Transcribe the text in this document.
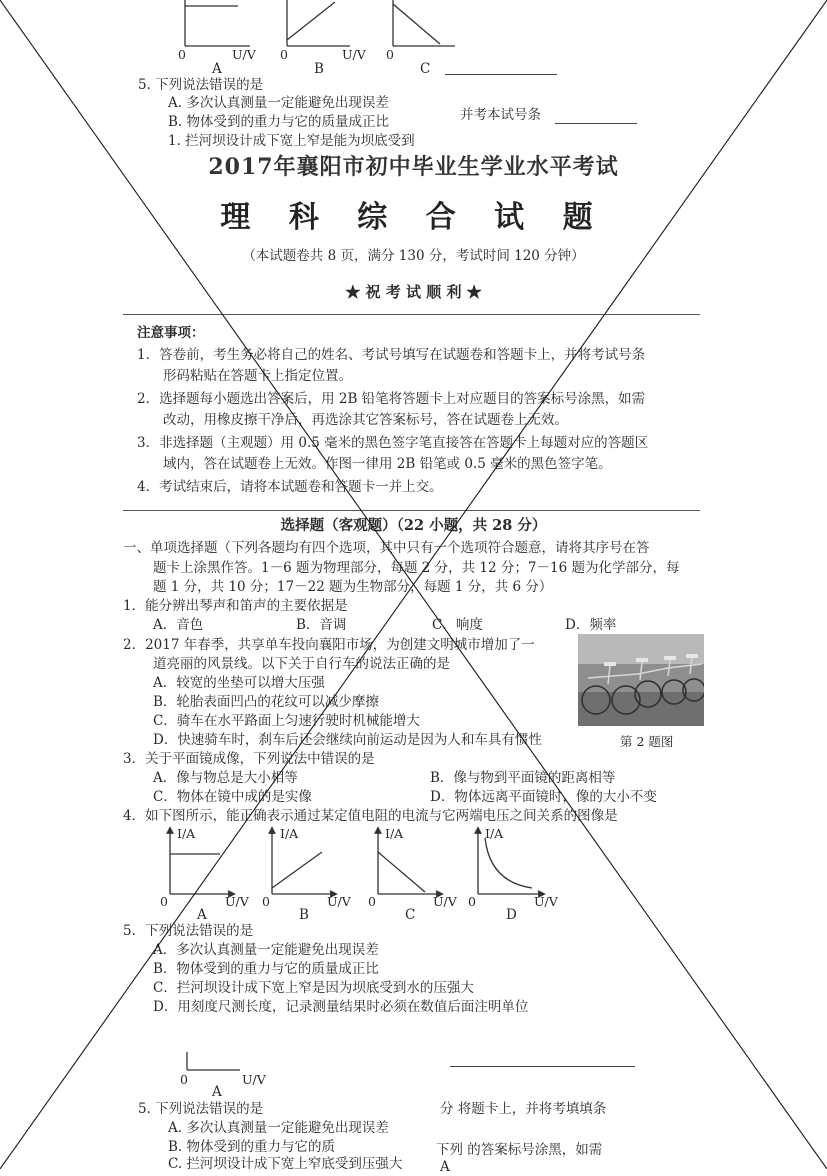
0	U/V 0	U/V 0
A	B	C
5. 下列说法错误的是
A. 多次认真测量一定能避免出现误差
B. 物体受到的重力与它的质量成正比
1. 拦河坝设计成下宽上窄是能为坝底受到
并考本试号条
2017年襄阳市初中毕业生学业水平考试
理 科 综 合 试 题
（本试题卷共 8 页，满分 130 分，考试时间 120 分钟）
★ 祝 考 试 顺 利 ★
注意事项：
1．答卷前，考生务必将自己的姓名、考试号填写在试题卷和答题卡上，并将考试号条
形码粘贴在答题卡上指定位置。
2．选择题每小题选出答案后，用 2B 铅笔将答题卡上对应题目的答案标号涂黑，如需
改动，用橡皮擦干净后，再选涂其它答案标号，答在试题卷上无效。
3．非选择题（主观题）用 0.5 毫米的黑色签字笔直接答在答题卡上每题对应的答题区
域内，答在试题卷上无效。作图一律用 2B 铅笔或 0.5 毫米的黑色签字笔。
4．考试结束后，请将本试题卷和答题卡一并上交。
选择题（客观题）（22 小题，共 28 分）
一、单项选择题（下列各题均有四个选项，其中只有一个选项符合题意，请将其序号在答
题卡上涂黑作答。1－6 题为物理部分，每题 2 分，共 12 分；7－16 题为化学部分，每
题 1 分，共 10 分；17－22 题为生物部分，每题 1 分，共 6 分）
1．能分辨出琴声和笛声的主要依据是
A．音色	B．音调	C．响度	D．频率
2．2017 年春季，共享单车投向襄阳市场，为创建文明城市增加了一
道亮丽的风景线。以下关于自行车的说法正确的是
A．较宽的坐垫可以增大压强
B．轮胎表面凹凸的花纹可以减少摩擦
C．骑车在水平路面上匀速行驶时机械能增大
D．快速骑车时，刹车后还会继续向前运动是因为人和车具有惯性	第 2 题图
3．关于平面镜成像，下列说法中错误的是
A．像与物总是大小相等	B．像与物到平面镜的距离相等
C．物体在镜中成的是实像	D．物体远离平面镜时，像的大小不变
4．如下图所示，能正确表示通过某定值电阻的电流与它两端电压之间关系的图像是
I/A	I/A	I/A	I/A
0	U/V 0	U/V 0	U/V 0	U/V
A	B	C	D
5．下列说法错误的是
A．多次认真测量一定能避免出现误差
B．物体受到的重力与它的质量成正比
C．拦河坝设计成下宽上窄是因为坝底受到水的压强大
D．用刻度尺测长度，记录测量结果时必须在数值后面注明单位
0	U/V
A
5. 下列说法错误的是
A. 多次认真测量一定能避免出现误差
B. 物体受到的重力与它的质
C. 拦河坝设计成下宽上窄底受到压强大
分 将题卡上，并将考填填条
下列 的答案标号涂黑，如需
A
